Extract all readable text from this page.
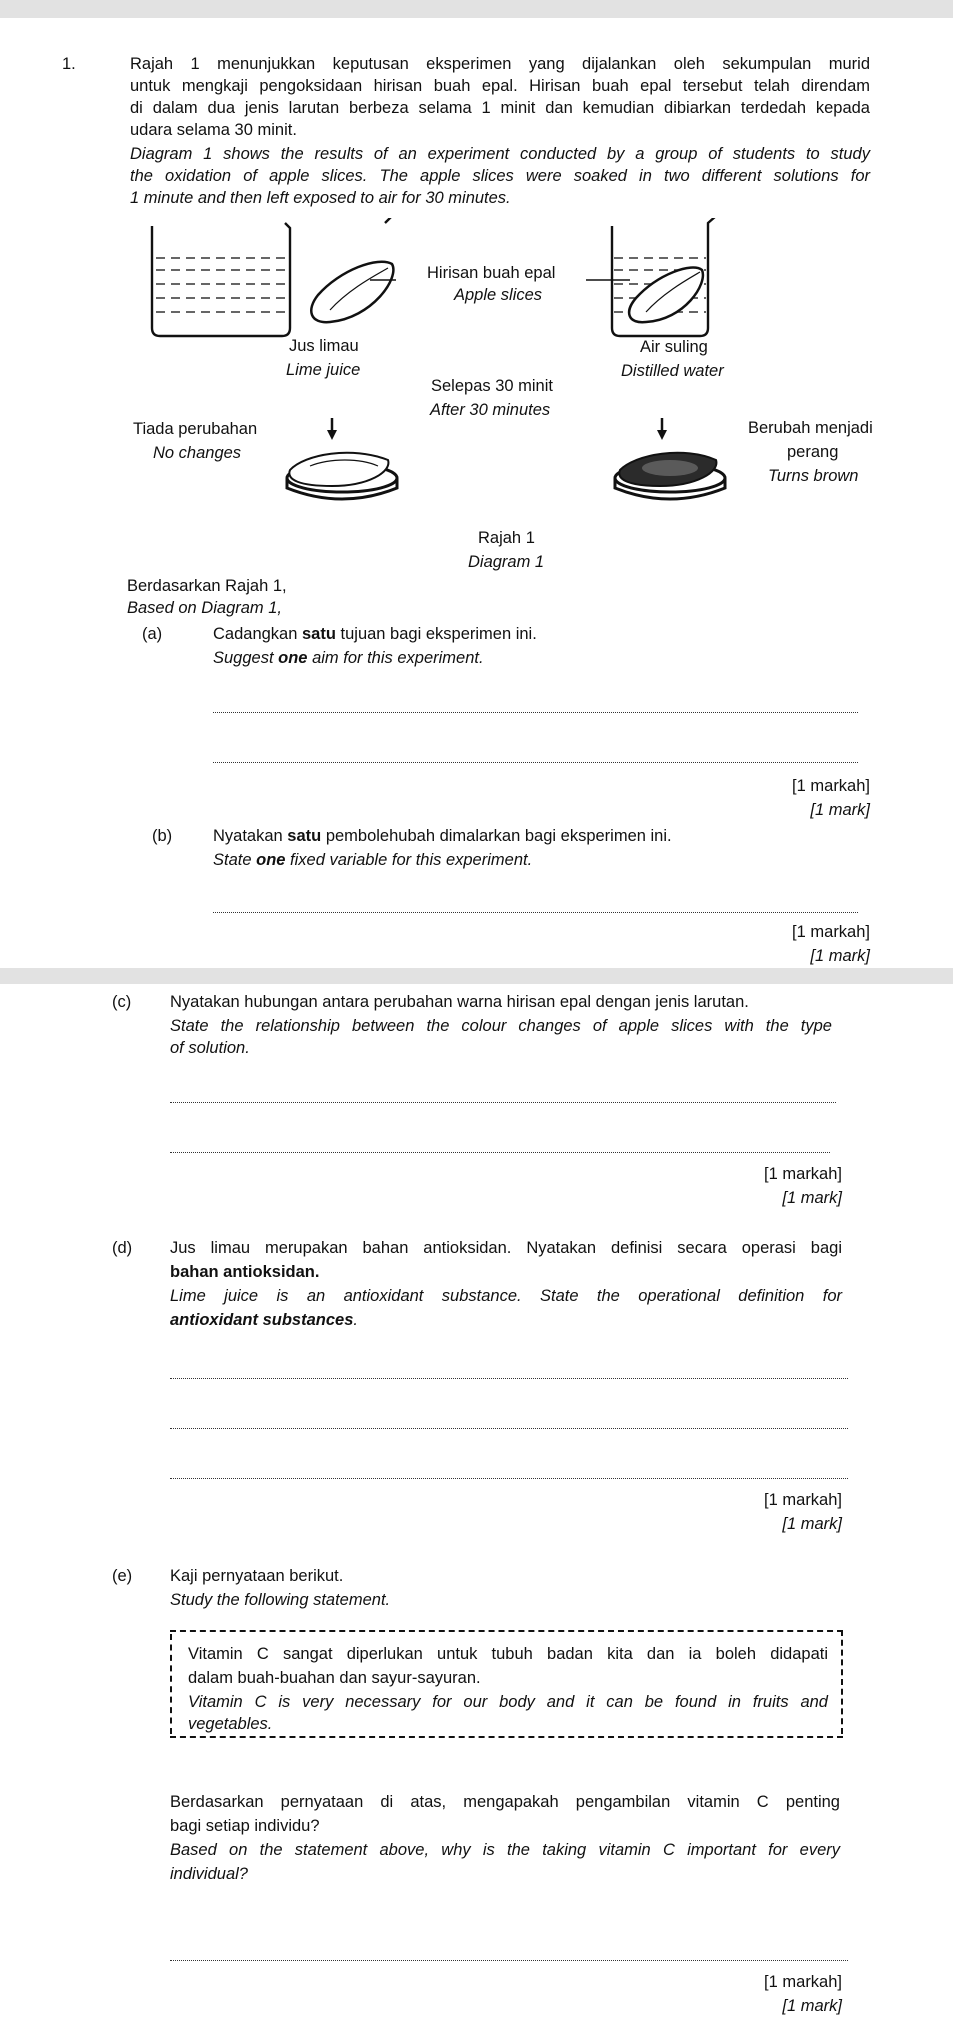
1.	Rajah 1 menunjukkan keputusan eksperimen yang dijalankan oleh sekumpulan murid
untuk mengkaji pengoksidaan hirisan buah epal. Hirisan buah epal tersebut telah direndam
di dalam dua jenis larutan berbeza selama 1 minit dan kemudian dibiarkan terdedah kepada
udara selama 30 minit.
Diagram 1 shows the results of an experiment conducted by a group of students to study
the oxidation of apple slices. The apple slices were soaked in two different solutions for
1 minute and then left exposed to air for 30 minutes.
Hirisan buah epal
Apple slices
Jus limau
Lime juice
Air suling
Distilled water
Selepas 30 minit
After 30 minutes
Tiada perubahan
No changes
Berubah menjadi
perang
Turns brown
Rajah 1
Diagram 1
Berdasarkan Rajah 1,
Based on Diagram 1,
(a)	Cadangkan satu tujuan bagi eksperimen ini.
Suggest one aim for this experiment.
[1 markah]
[1 mark]
(b) Nyatakan satu pembolehubah dimalarkan bagi eksperimen ini.
State one fixed variable for this experiment.
[1 markah]
[1 mark]
(c) Nyatakan hubungan antara perubahan warna hirisan epal dengan jenis larutan.
State the relationship between the colour changes of apple slices with the type
of solution.
[1 markah]
[1 mark]
(d) Jus limau merupakan bahan antioksidan. Nyatakan definisi secara operasi bagi
bahan antioksidan.
Lime juice is an antioxidant substance. State the operational definition for
antioxidant substances.
[1 markah]
[1 mark]
(e) Kaji pernyataan berikut.
Study the following statement.
Vitamin C sangat diperlukan untuk tubuh badan kita dan ia boleh didapati
dalam buah-buahan dan sayur-sayuran.
Vitamin C is very necessary for our body and it can be found in fruits and
vegetables.
Berdasarkan pernyataan di atas, mengapakah pengambilan vitamin C penting
bagi setiap individu?
Based on the statement above, why is the taking vitamin C important for every
individual?
[1 markah]
[1 mark]
